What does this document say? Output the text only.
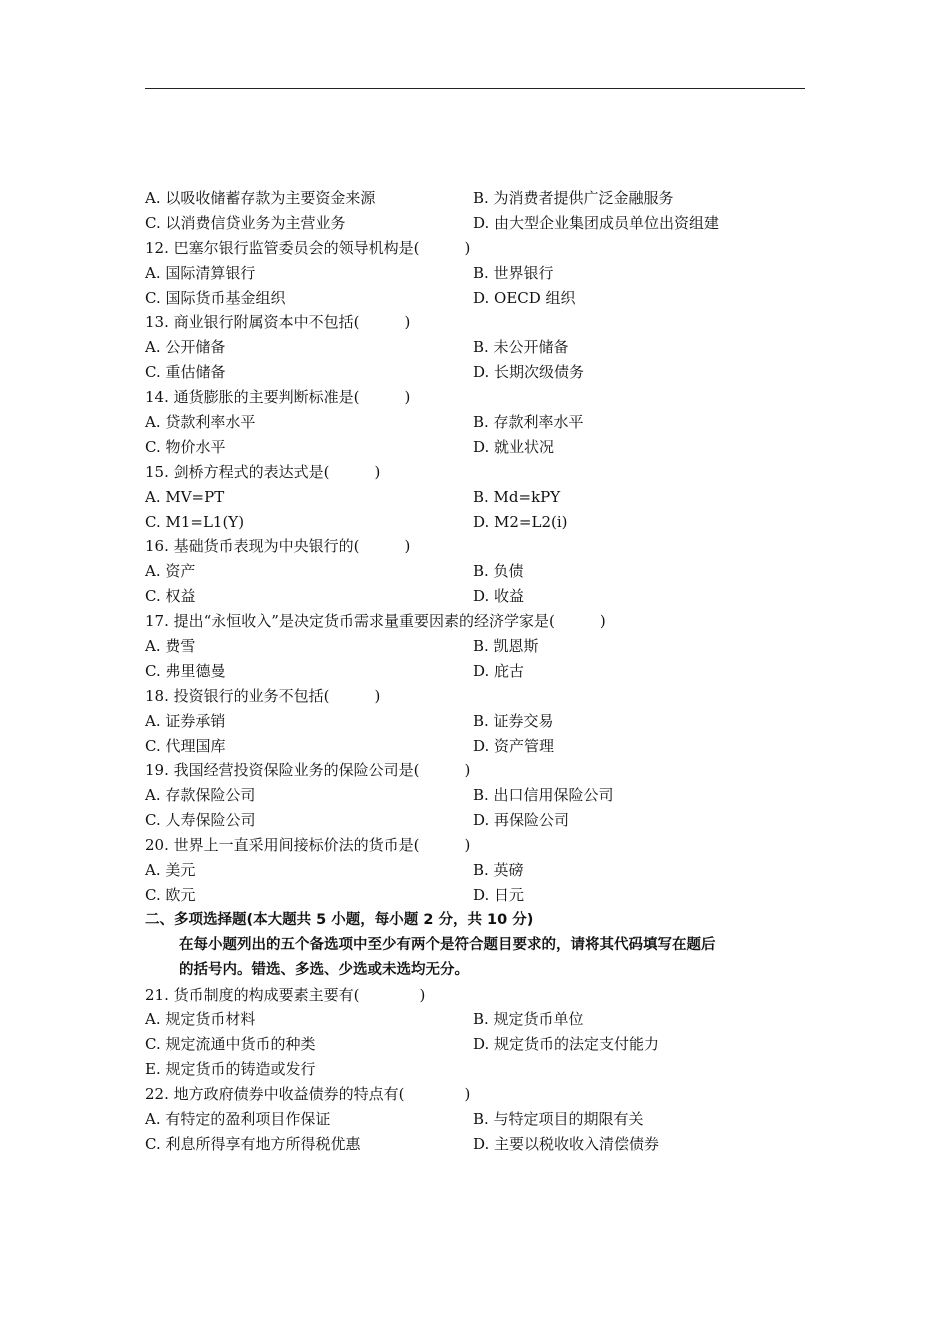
A. 以吸收储蓄存款为主要资金来源	B. 为消费者提供广泛金融服务
C. 以消费信贷业务为主营业务	D. 由大型企业集团成员单位出资组建
12. 巴塞尔银行监管委员会的领导机构是(　　　)
A. 国际清算银行	B. 世界银行
C. 国际货币基金组织	D. OECD 组织
13. 商业银行附属资本中不包括(　　　)
A. 公开储备	B. 未公开储备
C. 重估储备	D. 长期次级债务
14. 通货膨胀的主要判断标准是(　　　)
A. 贷款利率水平	B. 存款利率水平
C. 物价水平	D. 就业状况
15. 剑桥方程式的表达式是(　　　)
A. MV=PT	B. Md=kPY
C. M1=L1(Y)	D. M2=L2(i)
16. 基础货币表现为中央银行的(　　　)
A. 资产	B. 负债
C. 权益	D. 收益
17. 提出“永恒收入”是决定货币需求量重要因素的经济学家是(　　　)
A. 费雪	B. 凯恩斯
C. 弗里德曼	D. 庇古
18. 投资银行的业务不包括(　　　)
A. 证券承销	B. 证券交易
C. 代理国库	D. 资产管理
19. 我国经营投资保险业务的保险公司是(　　　)
A. 存款保险公司	B. 出口信用保险公司
C. 人寿保险公司	D. 再保险公司
20. 世界上一直采用间接标价法的货币是(　　　)
A. 美元	B. 英磅
C. 欧元	D. 日元
二、多项选择题(本大题共 5 小题，每小题 2 分，共 10 分)
在每小题列出的五个备选项中至少有两个是符合题目要求的，请将其代码填写在题后
的括号内。错选、多选、少选或未选均无分。
21. 货币制度的构成要素主要有(　　　　)
A. 规定货币材料	B. 规定货币单位
C. 规定流通中货币的种类	D. 规定货币的法定支付能力
E. 规定货币的铸造或发行
22. 地方政府债券中收益债券的特点有(　　　　)
A. 有特定的盈利项目作保证	B. 与特定项目的期限有关
C. 利息所得享有地方所得税优惠	D. 主要以税收收入清偿债券
